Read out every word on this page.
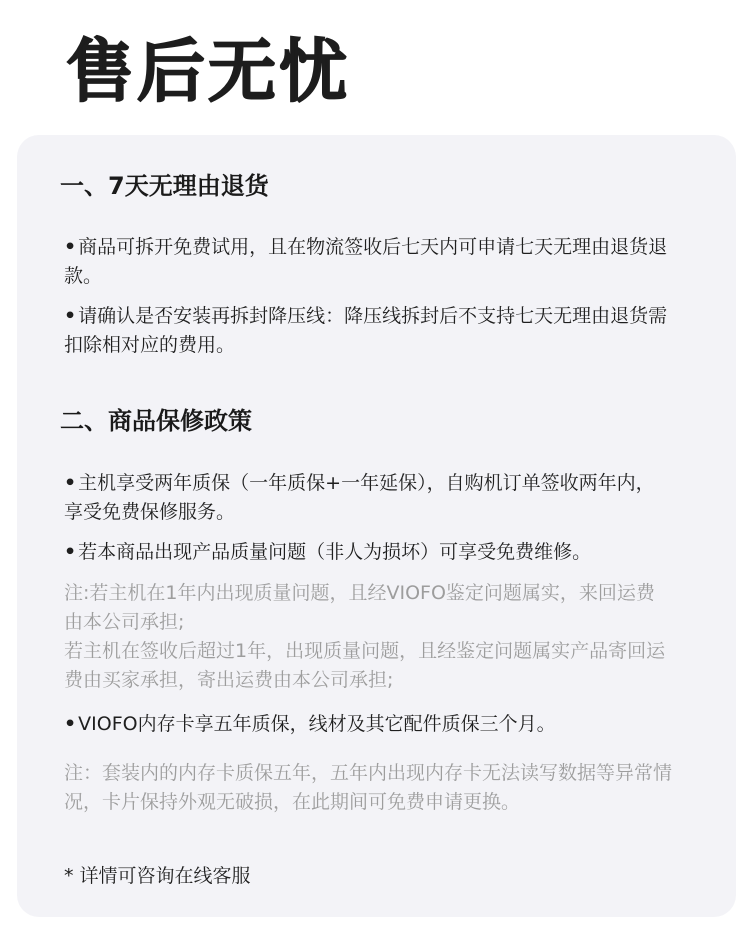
售后无忧
一、7天无理由退货

• 商品可拆开免费试用，且在物流签收后七天内可申请七天无理由退货退款。

• 请确认是否安装再拆封降压线：降压线拆封后不支持七天无理由退货需扣除相对应的费用。

二、商品保修政策

• 主机享受两年质保（一年质保+一年延保），自购机订单签收两年内，享受免费保修服务。

• 若本商品出现产品质量问题（非人为损坏）可享受免费维修。

注:若主机在1年内出现质量问题，且经VIOFO鉴定问题属实，来回运费由本公司承担;

若主机在签收后超过1年，出现质量问题，且经鉴定问题属实产品寄回运费由买家承担，寄出运费由本公司承担;

• VIOFO内存卡享五年质保，线材及其它配件质保三个月。

注：套装内的内存卡质保五年，五年内出现内存卡无法读写数据等异常情况，卡片保持外观无破损，在此期间可免费申请更换。

* 详情可咨询在线客服
